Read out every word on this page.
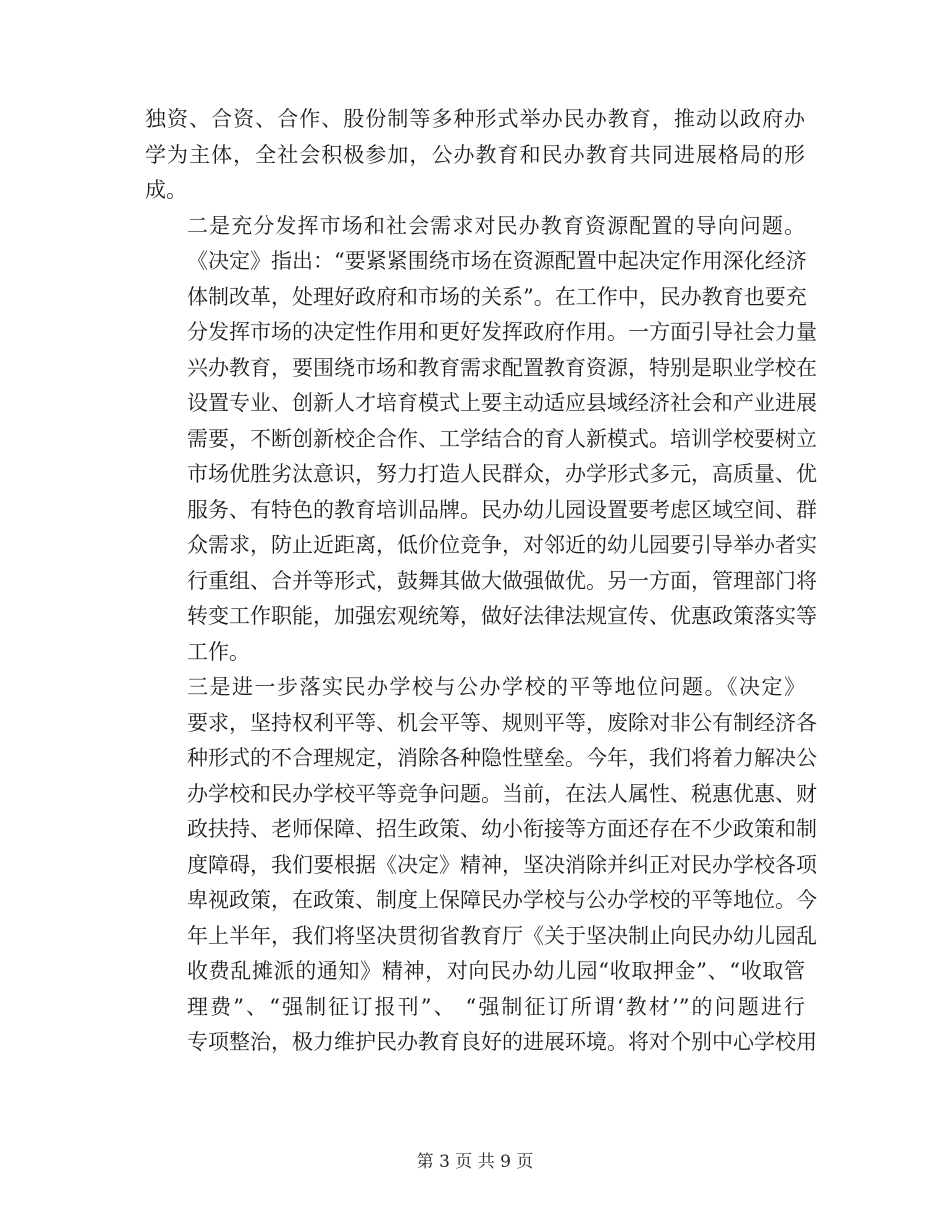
独资、合资、合作、股份制等多种形式举办民办教育，推动以政府办
学为主体，全社会积极参加，公办教育和民办教育共同进展格局的形
成。
二是充分发挥市场和社会需求对民办教育资源配置的导向问题。
《决定》指出：“要紧紧围绕市场在资源配置中起决定作用深化经济
体制改革，处理好政府和市场的关系”。在工作中，民办教育也要充
分发挥市场的决定性作用和更好发挥政府作用。一方面引导社会力量
兴办教育，要围绕市场和教育需求配置教育资源，特别是职业学校在
设置专业、创新人才培育模式上要主动适应县域经济社会和产业进展
需要，不断创新校企合作、工学结合的育人新模式。培训学校要树立
市场优胜劣汰意识，努力打造人民群众，办学形式多元，高质量、优
服务、有特色的教育培训品牌。民办幼儿园设置要考虑区域空间、群
众需求，防止近距离，低价位竞争，对邻近的幼儿园要引导举办者实
行重组、合并等形式，鼓舞其做大做强做优。另一方面，管理部门将
转变工作职能，加强宏观统筹，做好法律法规宣传、优惠政策落实等
工作。
三是进一步落实民办学校与公办学校的平等地位问题。《决定》
要求，坚持权利平等、机会平等、规则平等，废除对非公有制经济各
种形式的不合理规定，消除各种隐性壁垒。今年，我们将着力解决公
办学校和民办学校平等竞争问题。当前，在法人属性、税惠优惠、财
政扶持、老师保障、招生政策、幼小衔接等方面还存在不少政策和制
度障碍，我们要根据《决定》精神，坚决消除并纠正对民办学校各项
卑视政策，在政策、制度上保障民办学校与公办学校的平等地位。今
年上半年，我们将坚决贯彻省教育厅《关于坚决制止向民办幼儿园乱
收费乱摊派的通知》精神，对向民办幼儿园“收取押金”、“收取管
理费”、“强制征订报刊”、 “强制征订所谓‘教材’”的问题进行
专项整治，极力维护民办教育良好的进展环境。将对个别中心学校用
第 3 页 共 9 页
